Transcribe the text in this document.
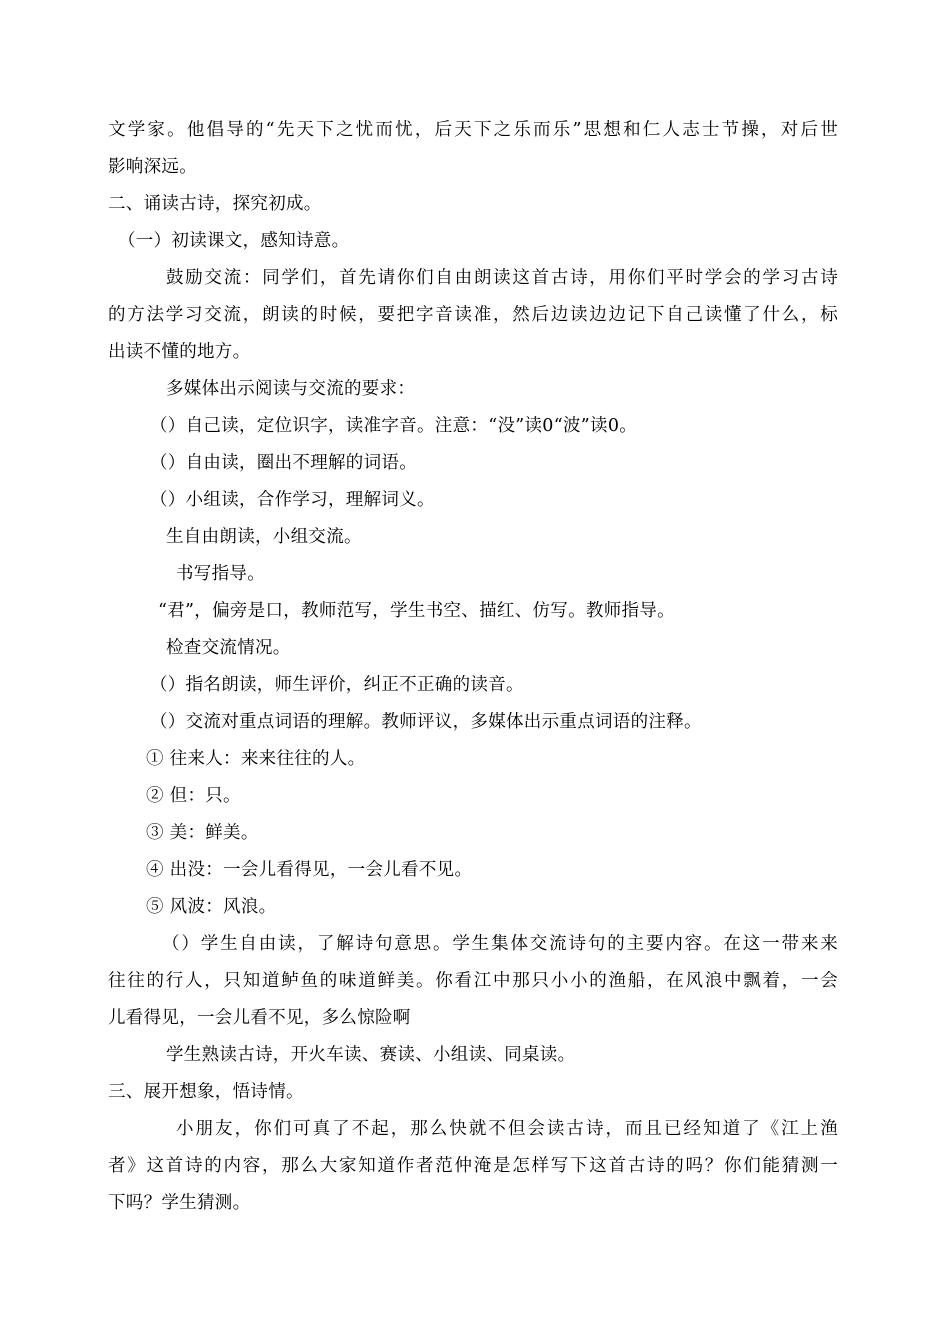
文学家。他倡导的“先天下之忧而忧，后天下之乐而乐”思想和仁人志士节操，对后世
影响深远。
二、诵读古诗，探究初成。
（一）初读课文，感知诗意。
鼓励交流：同学们，首先请你们自由朗读这首古诗，用你们平时学会的学习古诗
的方法学习交流，朗读的时候，要把字音读准，然后边读边边记下自己读懂了什么，标
出读不懂的地方。
多媒体出示阅读与交流的要求：
（）自己读，定位识字，读准字音。注意：“没”读0“波”读0。
（）自由读，圈出不理解的词语。
（）小组读，合作学习，理解词义。
生自由朗读，小组交流。
书写指导。
“君”，偏旁是口，教师范写，学生书空、描红、仿写。教师指导。
检查交流情况。
（）指名朗读，师生评价，纠正不正确的读音。
（）交流对重点词语的理解。教师评议，多媒体出示重点词语的注释。
① 往来人：来来往往的人。
② 但：只。
③ 美：鲜美。
④ 出没：一会儿看得见，一会儿看不见。
⑤ 风波：风浪。
（）学生自由读，了解诗句意思。学生集体交流诗句的主要内容。在这一带来来
往往的行人，只知道鲈鱼的味道鲜美。你看江中那只小小的渔船，在风浪中飘着，一会
儿看得见，一会儿看不见，多么惊险啊
学生熟读古诗，开火车读、赛读、小组读、同桌读。
三、展开想象，悟诗情。
小朋友，你们可真了不起，那么快就不但会读古诗，而且已经知道了《江上渔
者》这首诗的内容，那么大家知道作者范仲淹是怎样写下这首古诗的吗？你们能猜测一
下吗？学生猜测。
